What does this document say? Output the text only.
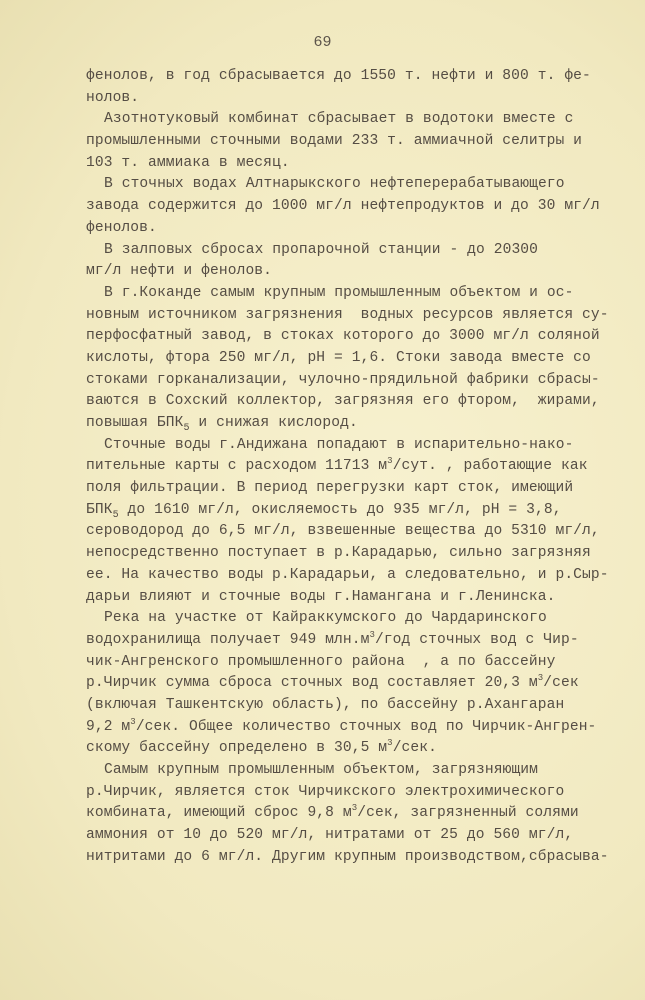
69
фенолов, в год сбрасывается до 1550 т. нефти и 800 т. фе-
нолов.
Азотнотуковый комбинат сбрасывает в водотоки вместе с
промышленными сточными водами 233 т. аммиачной селитры и
103 т. аммиака в месяц.
В сточных водах Алтнарыкского нефтеперерабатывающего
завода содержится до 1000 мг/л нефтепродуктов и до 30 мг/л
фенолов.
В залповых сбросах пропарочной станции - до 20300
мг/л нефти и фенолов.
В г.Коканде самым крупным промышленным объектом и ос-
новным источником загрязнения  водных ресурсов является су-
перфосфатный завод, в стоках которого до 3000 мг/л соляной
кислоты, фтора 250 мг/л, pH = 1,6. Стоки завода вместе со
стоками горканализации, чулочно-прядильной фабрики сбрасы-
ваются в Сохский коллектор, загрязняя его фтором,  жирами,
повышая $БПК_5$ и снижая кислород.
Сточные воды г.Андижана попадают в испарительно-нако-
пительные карты с расходом 11713 $м^3$/сут. , работающие как
поля фильтрации. В период перегрузки карт сток, имеющий
$БПК_5$ до 1610 мг/л, окисляемость до 935 мг/л, pH = 3,8,
сероводород до 6,5 мг/л, взвешенные вещества до 5310 мг/л,
непосредственно поступает в р.Карадарью, сильно загрязняя
ее. На качество воды р.Карадарьи, а следовательно, и р.Сыр-
дарьи влияют и сточные воды г.Намангана и г.Ленинска.
Река на участке от Кайраккумского до Чардаринского
водохранилища получает 949 $млн.м^3$/год сточных вод с Чир-
чик-Ангренского промышленного района  , а по бассейну
р.Чирчик сумма сброса сточных вод составляет 20,3 $м^3$/сек
(включая Ташкентскую область), по бассейну р.Ахангаран
9,2 $м^3$/сек. Общее количество сточных вод по Чирчик-Ангрен-
скому бассейну определено в 30,5 $м^3$/сек.
Самым крупным промышленным объектом, загрязняющим
р.Чирчик, является сток Чирчикского электрохимического
комбината, имеющий сброс 9,8 $м^3$/сек, загрязненный солями
аммония от 10 до 520 мг/л, нитратами от 25 до 560 мг/л,
нитритами до 6 мг/л. Другим крупным производством,сбрасыва-
